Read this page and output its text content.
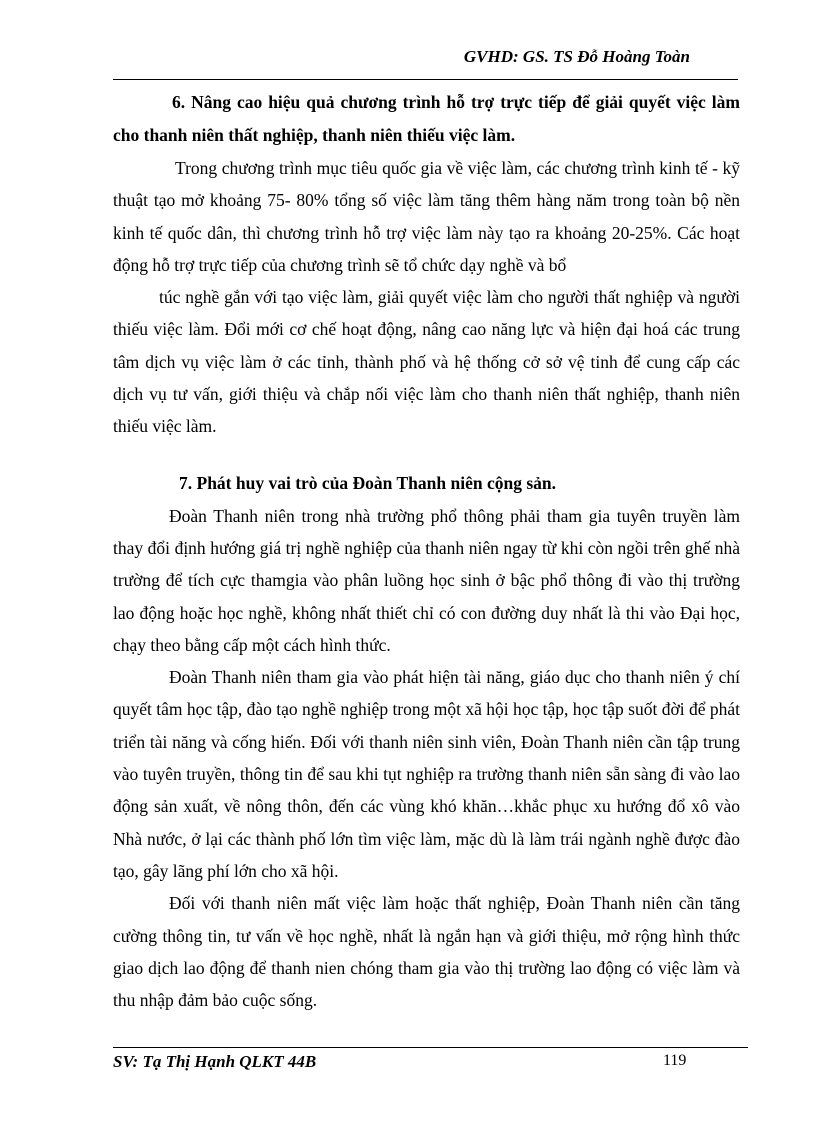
GVHD: GS. TS Đỗ Hoàng Toàn

6. Nâng cao hiệu quả chương trình hỗ trợ trực tiếp để giải quyết việc làm cho thanh niên thất nghiệp, thanh niên thiếu việc làm.

Trong chương trình mục tiêu quốc gia về việc làm, các chương trình kinh tế - kỹ thuật tạo mở khoảng 75- 80% tổng số việc làm tăng thêm hàng năm trong toàn bộ nền kinh tế quốc dân, thì chương trình hỗ trợ việc làm này tạo ra khoảng 20-25%. Các hoạt động hỗ trợ trực tiếp của chương trình sẽ tổ chức dạy nghề và bổ

túc nghề gắn với tạo việc làm, giải quyết việc làm cho người thất nghiệp và người thiếu việc làm. Đổi mới cơ chế hoạt động, nâng cao năng lực và hiện đại hoá các trung tâm dịch vụ việc làm ở các tỉnh, thành phố và hệ thống cở sở vệ tinh để cung cấp các dịch vụ tư vấn, giới thiệu và chắp nối việc làm cho thanh niên thất nghiệp, thanh niên thiếu việc làm.

7. Phát huy vai trò của Đoàn Thanh niên cộng sản.

Đoàn Thanh niên trong nhà trường phổ thông phải tham gia tuyên truyền làm thay đổi định hướng giá trị nghề nghiệp của thanh niên ngay từ khi còn ngồi trên ghế nhà trường để tích cực thamgia vào phân luồng học sinh ở bậc phổ thông đi vào thị trường lao động hoặc học nghề, không nhất thiết chỉ có con đường duy nhất là thi vào Đại học, chạy theo bằng cấp một cách hình thức.

Đoàn Thanh niên tham gia vào phát hiện tài năng, giáo dục cho thanh niên ý chí quyết tâm học tập, đào tạo nghề nghiệp trong một xã hội học tập, học tập suốt đời để phát triển tài năng và cống hiến. Đối với thanh niên sinh viên, Đoàn Thanh niên cần tập trung vào tuyên truyền, thông tin để sau khi tụt nghiệp ra trường thanh niên sẵn sàng đi vào lao động sản xuất, về nông thôn, đến các vùng khó khăn…khắc phục xu hướng đổ xô vào Nhà nước, ở lại các thành phố lớn tìm việc làm, mặc dù là làm trái ngành nghề được đào tạo, gây lãng phí lớn cho xã hội.

Đối với thanh niên mất việc làm hoặc thất nghiệp, Đoàn Thanh niên cần tăng cường thông tin, tư vấn về học nghề, nhất là ngắn hạn và giới thiệu, mở rộng hình thức giao dịch lao động để thanh nien chóng tham gia vào thị trường lao động có việc làm và thu nhập đảm bảo cuộc sống.

SV: Tạ Thị Hạnh QLKT 44B	119
